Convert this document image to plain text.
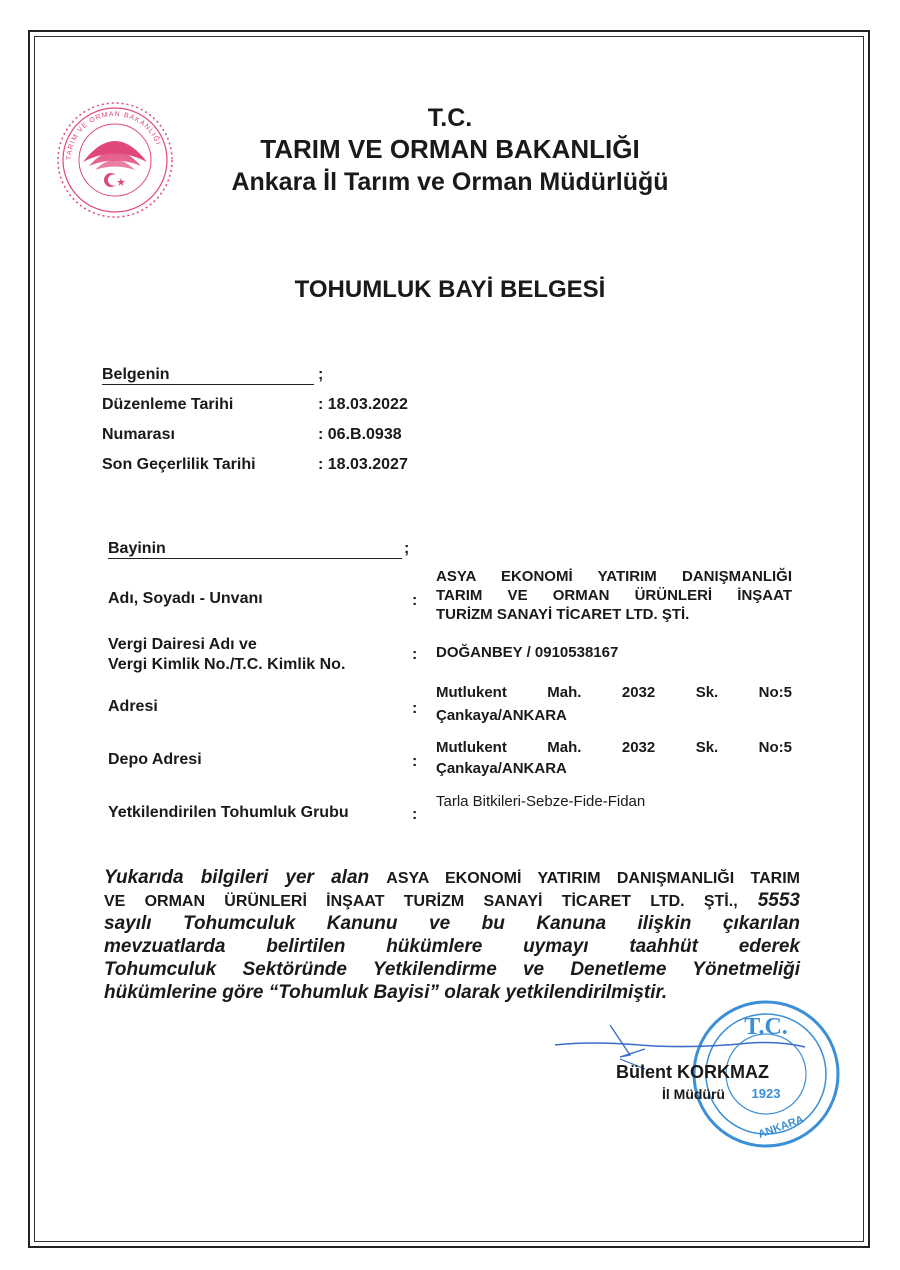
TARIM VE ORMAN BAKANLIĞI
T.C.
TARIM VE ORMAN BAKANLIĞI
Ankara İl Tarım ve Orman Müdürlüğü
TOHUMLUK BAYİ BELGESİ
Belgenin	;
Düzenleme Tarihi	: 18.03.2022
Numarası	: 06.B.0938
Son Geçerlilik Tarihi	: 18.03.2027
Bayinin	;
Adı, Soyadı - Unvanı	:
ASYA EKONOMİ YATIRIM DANIŞMANLIĞI
TARIM VE ORMAN ÜRÜNLERİ İNŞAAT
TURİZM SANAYİ TİCARET LTD. ŞTİ.
Vergi Dairesi Adı ve
Vergi Kimlik No./T.C. Kimlik No.
: DOĞANBEY / 0910538167
Adresi	:
Mutlukent	Mah.	2032	Sk.	No:5
Çankaya/ANKARA
Depo Adresi	:
Mutlukent	Mah.	2032	Sk.	No:5
Çankaya/ANKARA
Yetkilendirilen Tohumluk Grubu	:
Tarla Bitkileri-Sebze-Fide-Fidan
Yukarıda bilgileri yer alan ASYA EKONOMİ YATIRIM DANIŞMANLIĞI TARIM
VE ORMAN ÜRÜNLERİ İNŞAAT TURİZM SANAYİ TİCARET LTD. ŞTİ., 5553
sayılı Tohumculuk Kanunu ve bu Kanuna ilişkin çıkarılan
mevzuatlarda belirtilen hükümlere uymayı taahhüt ederek
Tohumculuk Sektöründe Yetkilendirme ve Denetleme Yönetmeliği
hükümlerine göre “Tohumluk Bayisi” olarak yetkilendirilmiştir.
T.C.
1923
ANKARA
Bülent KORKMAZ
İl Müdürü
